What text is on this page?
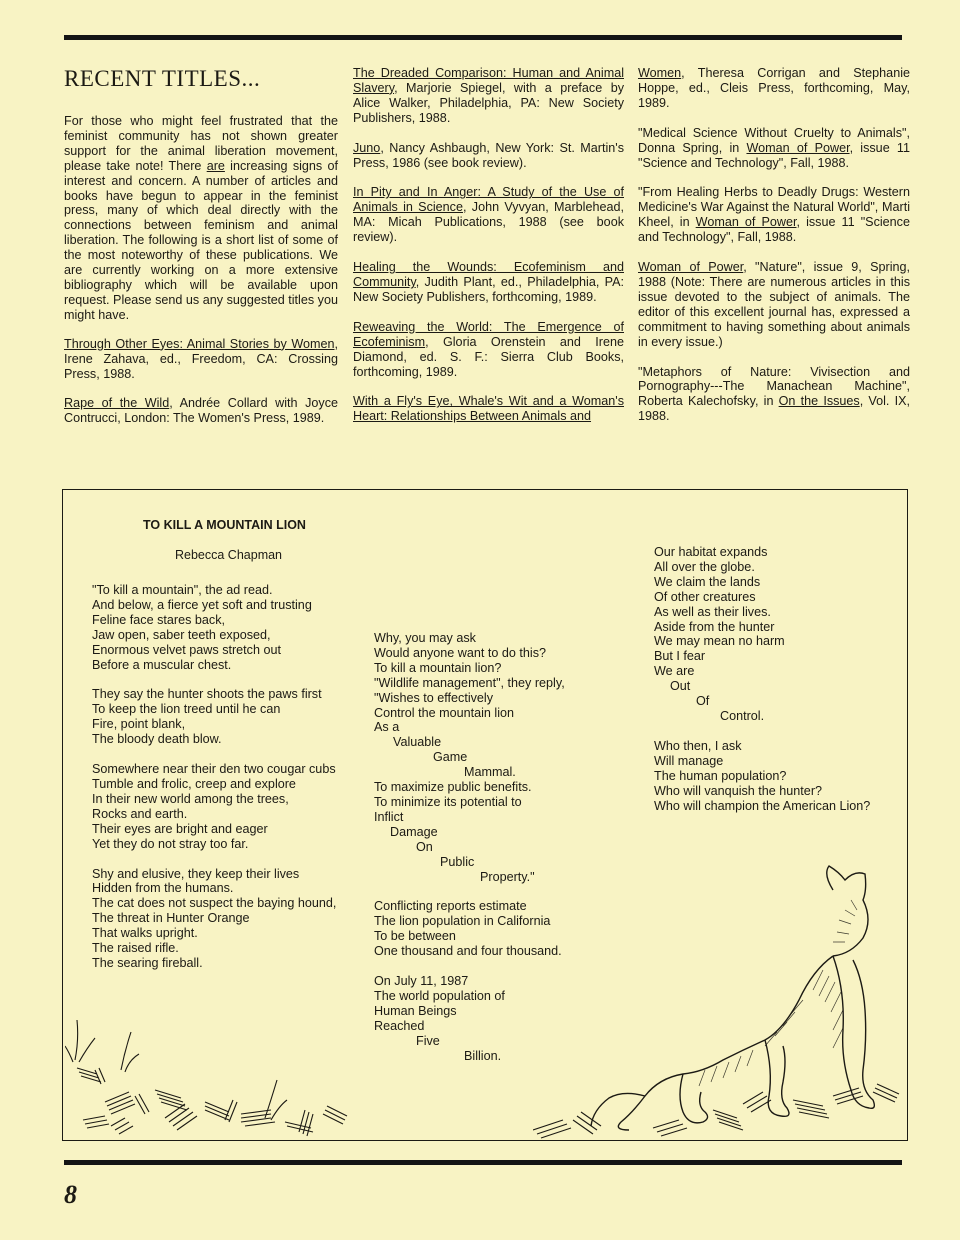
RECENT TITLES...

For those who might feel frustrated that the feminist community has not shown greater support for the animal liberation movement, please take note! There are increasing signs of interest and concern. A number of articles and books have begun to appear in the feminist press, many of which deal directly with the connections between feminism and animal liberation. The following is a short list of some of the most noteworthy of these publications. We are currently working on a more extensive bibliography which will be available upon request. Please send us any suggested titles you might have.

Through Other Eyes: Animal Stories by Women, Irene Zahava, ed., Freedom, CA: Crossing Press, 1988.

Rape of the Wild, Andrée Collard with Joyce Contrucci, London: The Women's Press, 1989.

The Dreaded Comparison: Human and Animal Slavery, Marjorie Spiegel, with a preface by Alice Walker, Philadelphia, PA: New Society Publishers, 1988.

Juno, Nancy Ashbaugh, New York: St. Martin's Press, 1986 (see book review).

In Pity and In Anger: A Study of the Use of Animals in Science, John Vyvyan, Marblehead, MA: Micah Publications, 1988 (see book review).

Healing the Wounds: Ecofeminism and Community, Judith Plant, ed., Philadelphia, PA: New Society Publishers, forthcoming, 1989.

Reweaving the World: The Emergence of Ecofeminism, Gloria Orenstein and Irene Diamond, ed. S. F.: Sierra Club Books, forthcoming, 1989.

With a Fly's Eye, Whale's Wit and a Woman's Heart: Relationships Between Animals and

Women, Theresa Corrigan and Stephanie Hoppe, ed., Cleis Press, forthcoming, May, 1989.

"Medical Science Without Cruelty to Animals", Donna Spring, in Woman of Power, issue 11 "Science and Technology", Fall, 1988.

"From Healing Herbs to Deadly Drugs: Western Medicine's War Against the Natural World", Marti Kheel, in Woman of Power, issue 11 "Science and Technology", Fall, 1988.

Woman of Power, "Nature", issue 9, Spring, 1988 (Note: There are numerous articles in this issue devoted to the subject of animals. The editor of this excellent journal has, expressed a commitment to having something about animals in every issue.)

"Metaphors of Nature: Vivisection and Pornography---The Manachean Machine", Roberta Kalechofsky, in On the Issues, Vol. IX, 1988.

TO KILL A MOUNTAIN LION

Rebecca Chapman

"To kill a mountain", the ad read.
And below, a fierce yet soft and trusting
Feline face stares back,
Jaw open, saber teeth exposed,
Enormous velvet paws stretch out
Before a muscular chest.
They say the hunter shoots the paws first
To keep the lion treed until he can
Fire, point blank,
The bloody death blow.
Somewhere near their den two cougar cubs
Tumble and frolic, creep and explore
In their new world among the trees,
Rocks and earth.
Their eyes are bright and eager
Yet they do not stray too far.
Shy and elusive, they keep their lives
Hidden from the humans.
The cat does not suspect the baying hound,
The threat in Hunter Orange
That walks upright.
The raised rifle.
The searing fireball.
Why, you may ask
Would anyone want to do this?
To kill a mountain lion?
"Wildlife management", they reply,
"Wishes to effectively
Control the mountain lion
As a
Valuable
Game
Mammal.
To maximize public benefits.
To minimize its potential to
Inflict
Damage
On
Public
Property."
Conflicting reports estimate
The lion population in California
To be between
One thousand and four thousand.
On July 11, 1987
The world population of
Human Beings
Reached
Five
Billion.
Our habitat expands
All over the globe.
We claim the lands
Of other creatures
As well as their lives.
Aside from the hunter
We may mean no harm
But I fear
We are
Out
Of
Control.
Who then, I ask
Will manage
The human population?
Who will vanquish the hunter?
Who will champion the American Lion?
8
